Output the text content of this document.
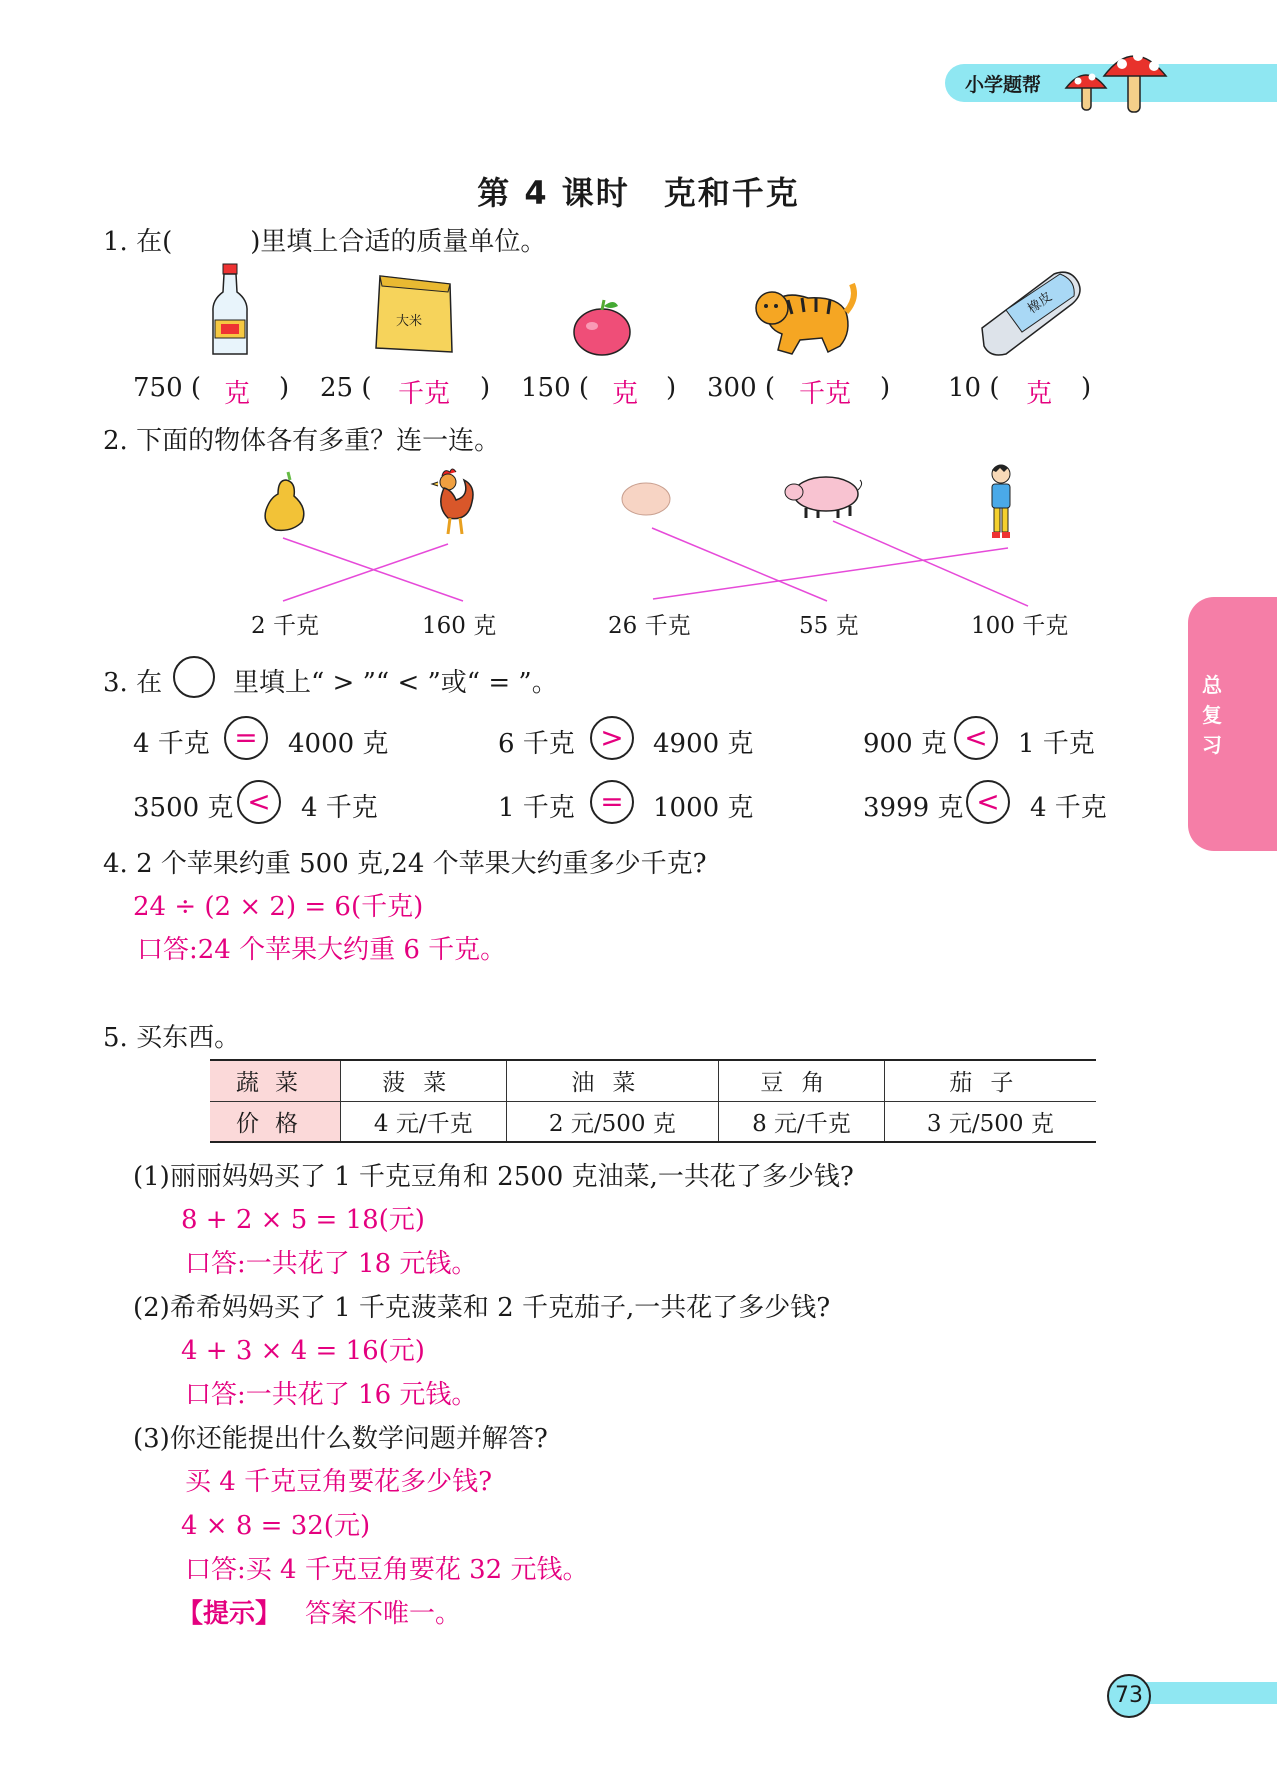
小学题帮
总复习
第 4 课时　克和千克
1. 在(　　　)里填上合适的质量单位。
大米
橡皮
750 ( 克 ) 25 ( 千克 ) 150 ( 克 ) 300 ( 千克 ) 10 ( 克 )
2. 下面的物体各有多重？连一连。
2 千克	160 克	26 千克	55 克	100 千克
3. 在	里填上“ > ”“ < ”或“ = ”。
4 千克 =	4000 克	6 千克 >	4900 克	900 克 <	1 千克
3500 克 <	4 千克	1 千克 =	1000 克	3999 克 <	4 千克
4. 2 个苹果约重 500 克,24 个苹果大约重多少千克?
24 ÷ (2 × 2) = 6(千克)
口答:24 个苹果大约重 6 千克。
5. 买东西。
蔬菜	菠菜	油菜	豆角	茄子
价格	4 元/千克	2 元/500 克	8 元/千克	3 元/500 克
(1)丽丽妈妈买了 1 千克豆角和 2500 克油菜,一共花了多少钱?
8 + 2 × 5 = 18(元)
口答:一共花了 18 元钱。
(2)希希妈妈买了 1 千克菠菜和 2 千克茄子,一共花了多少钱?
4 + 3 × 4 = 16(元)
口答:一共花了 16 元钱。
(3)你还能提出什么数学问题并解答?
买 4 千克豆角要花多少钱?
4 × 8 = 32(元)
口答:买 4 千克豆角要花 32 元钱。
【提示】 答案不唯一。
73
